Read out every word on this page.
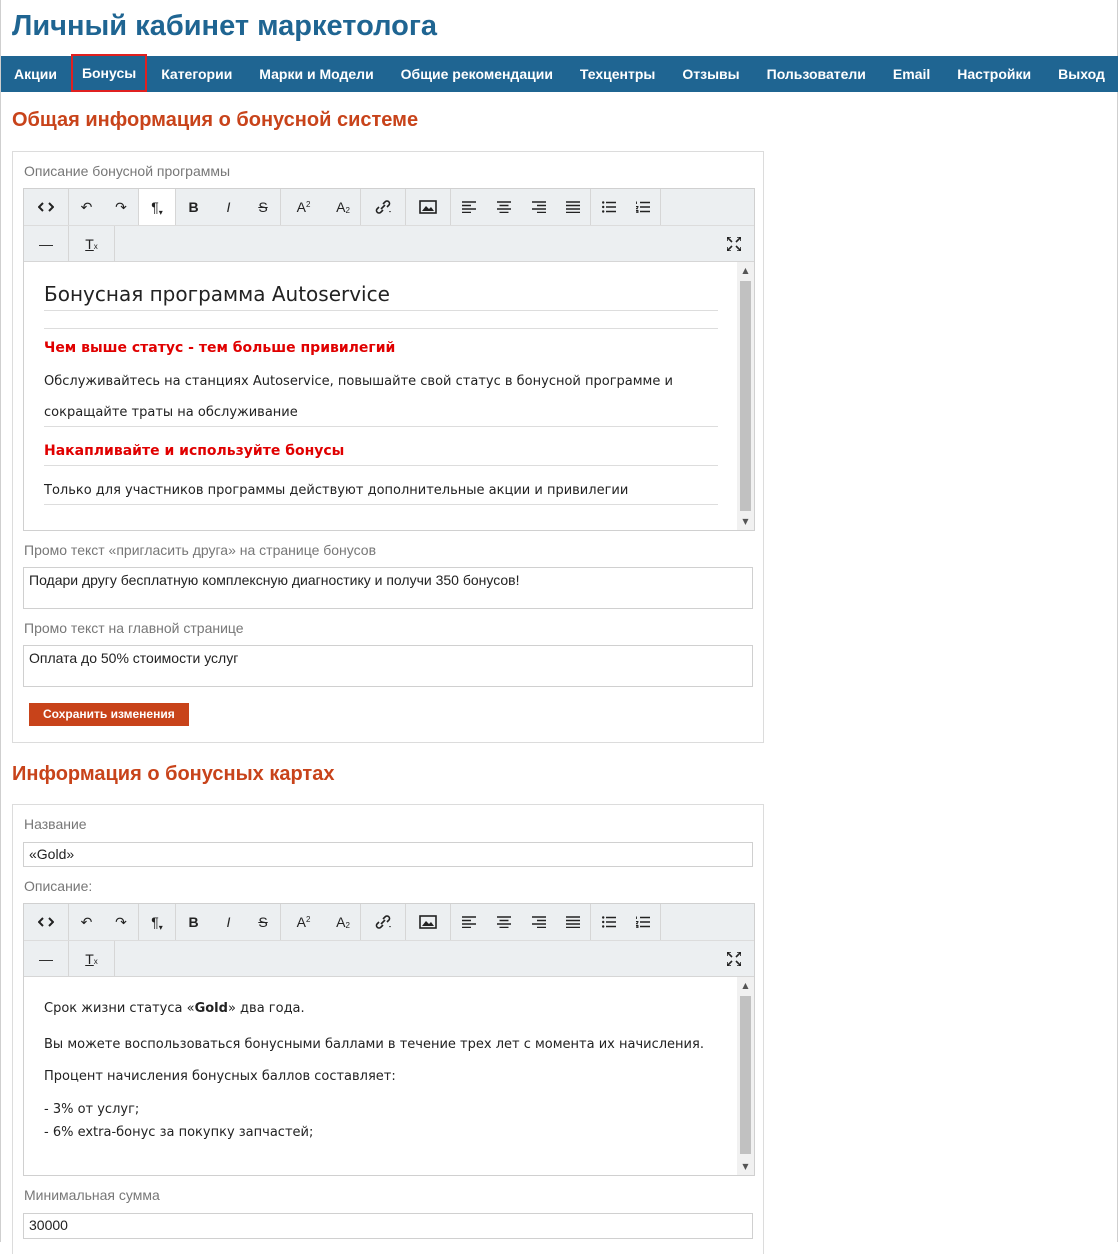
Личный кабинет маркетолога
Акции	Бонусы	Категории	Марки и Модели	Общие рекомендации	Техцентры	Отзывы	Пользователи	Email	Настройки	Выход
Общая информация о бонусной системе
Описание бонусной программы
↶ ↷ ¶ ▾ B I S A 2 A 2
— T x
Бонусная программа Autoservice
Чем выше статус - тем больше привилегий
Обслуживайтесь на станциях Autoservice, повышайте свой статус в бонусной программе и
сокращайте траты на обслуживание
Накапливайте и используйте бонусы
Только для участников программы действуют дополнительные акции и привилегии
▲
▼
Промо текст «пригласить друга» на странице бонусов
Подари другу бесплатную комплексную диагностику и получи 350 бонусов!
Промо текст на главной странице
Оплата до 50% стоимости услуг
Сохранить изменения
Информация о бонусных картах
Название
«Gold»
Описание:
↶ ↷ ¶ ▾ B I S A 2 A 2
— T x
Срок жизни статуса «Gold» два года.
Вы можете воспользоваться бонусными баллами в течение трех лет с момента их начисления.
Процент начисления бонусных баллов составляет:
- 3% от услуг;
- 6% extra-бонус за покупку запчастей;
▲
▼
Минимальная сумма
30000
